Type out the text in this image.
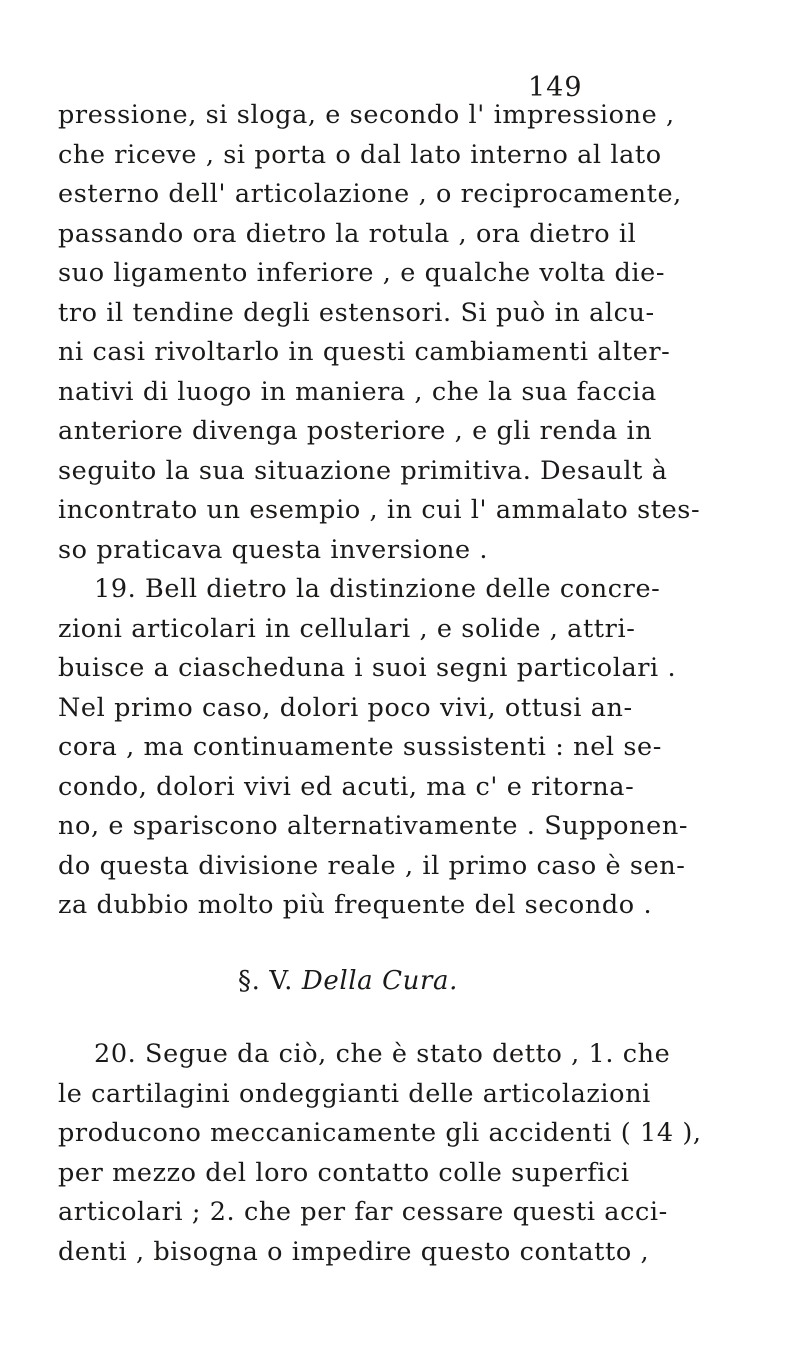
149
pressione, si sloga, e secondo l' impressione ,
che riceve , si porta o dal lato interno al lato
esterno dell' articolazione , o reciprocamente,
passando ora dietro la rotula , ora dietro il
suo ligamento inferiore , e qualche volta die-
tro il tendine degli estensori. Si può in alcu-
ni casi rivoltarlo in questi cambiamenti alter-
nativi di luogo in maniera , che la sua faccia
anteriore divenga posteriore , e gli renda in
seguito la sua situazione primitiva. Desault à
incontrato un esempio , in cui l' ammalato stes-
so praticava questa inversione .
19. Bell dietro la distinzione delle concre-
zioni articolari in cellulari , e solide , attri-
buisce a ciascheduna i suoi segni particolari .
Nel primo caso, dolori poco vivi, ottusi an-
cora , ma continuamente sussistenti : nel se-
condo, dolori vivi ed acuti, ma c' e ritorna-
no, e spariscono alternativamente . Supponen-
do questa divisione reale , il primo caso è sen-
za dubbio molto più frequente del secondo .
§. V. Della Cura.
20. Segue da ciò, che è stato detto , 1. che
le cartilagini ondeggianti delle articolazioni
producono meccanicamente gli accidenti ( 14 ),
per mezzo del loro contatto colle superfici
articolari ; 2. che per far cessare questi acci-
denti , bisogna o impedire questo contatto ,
